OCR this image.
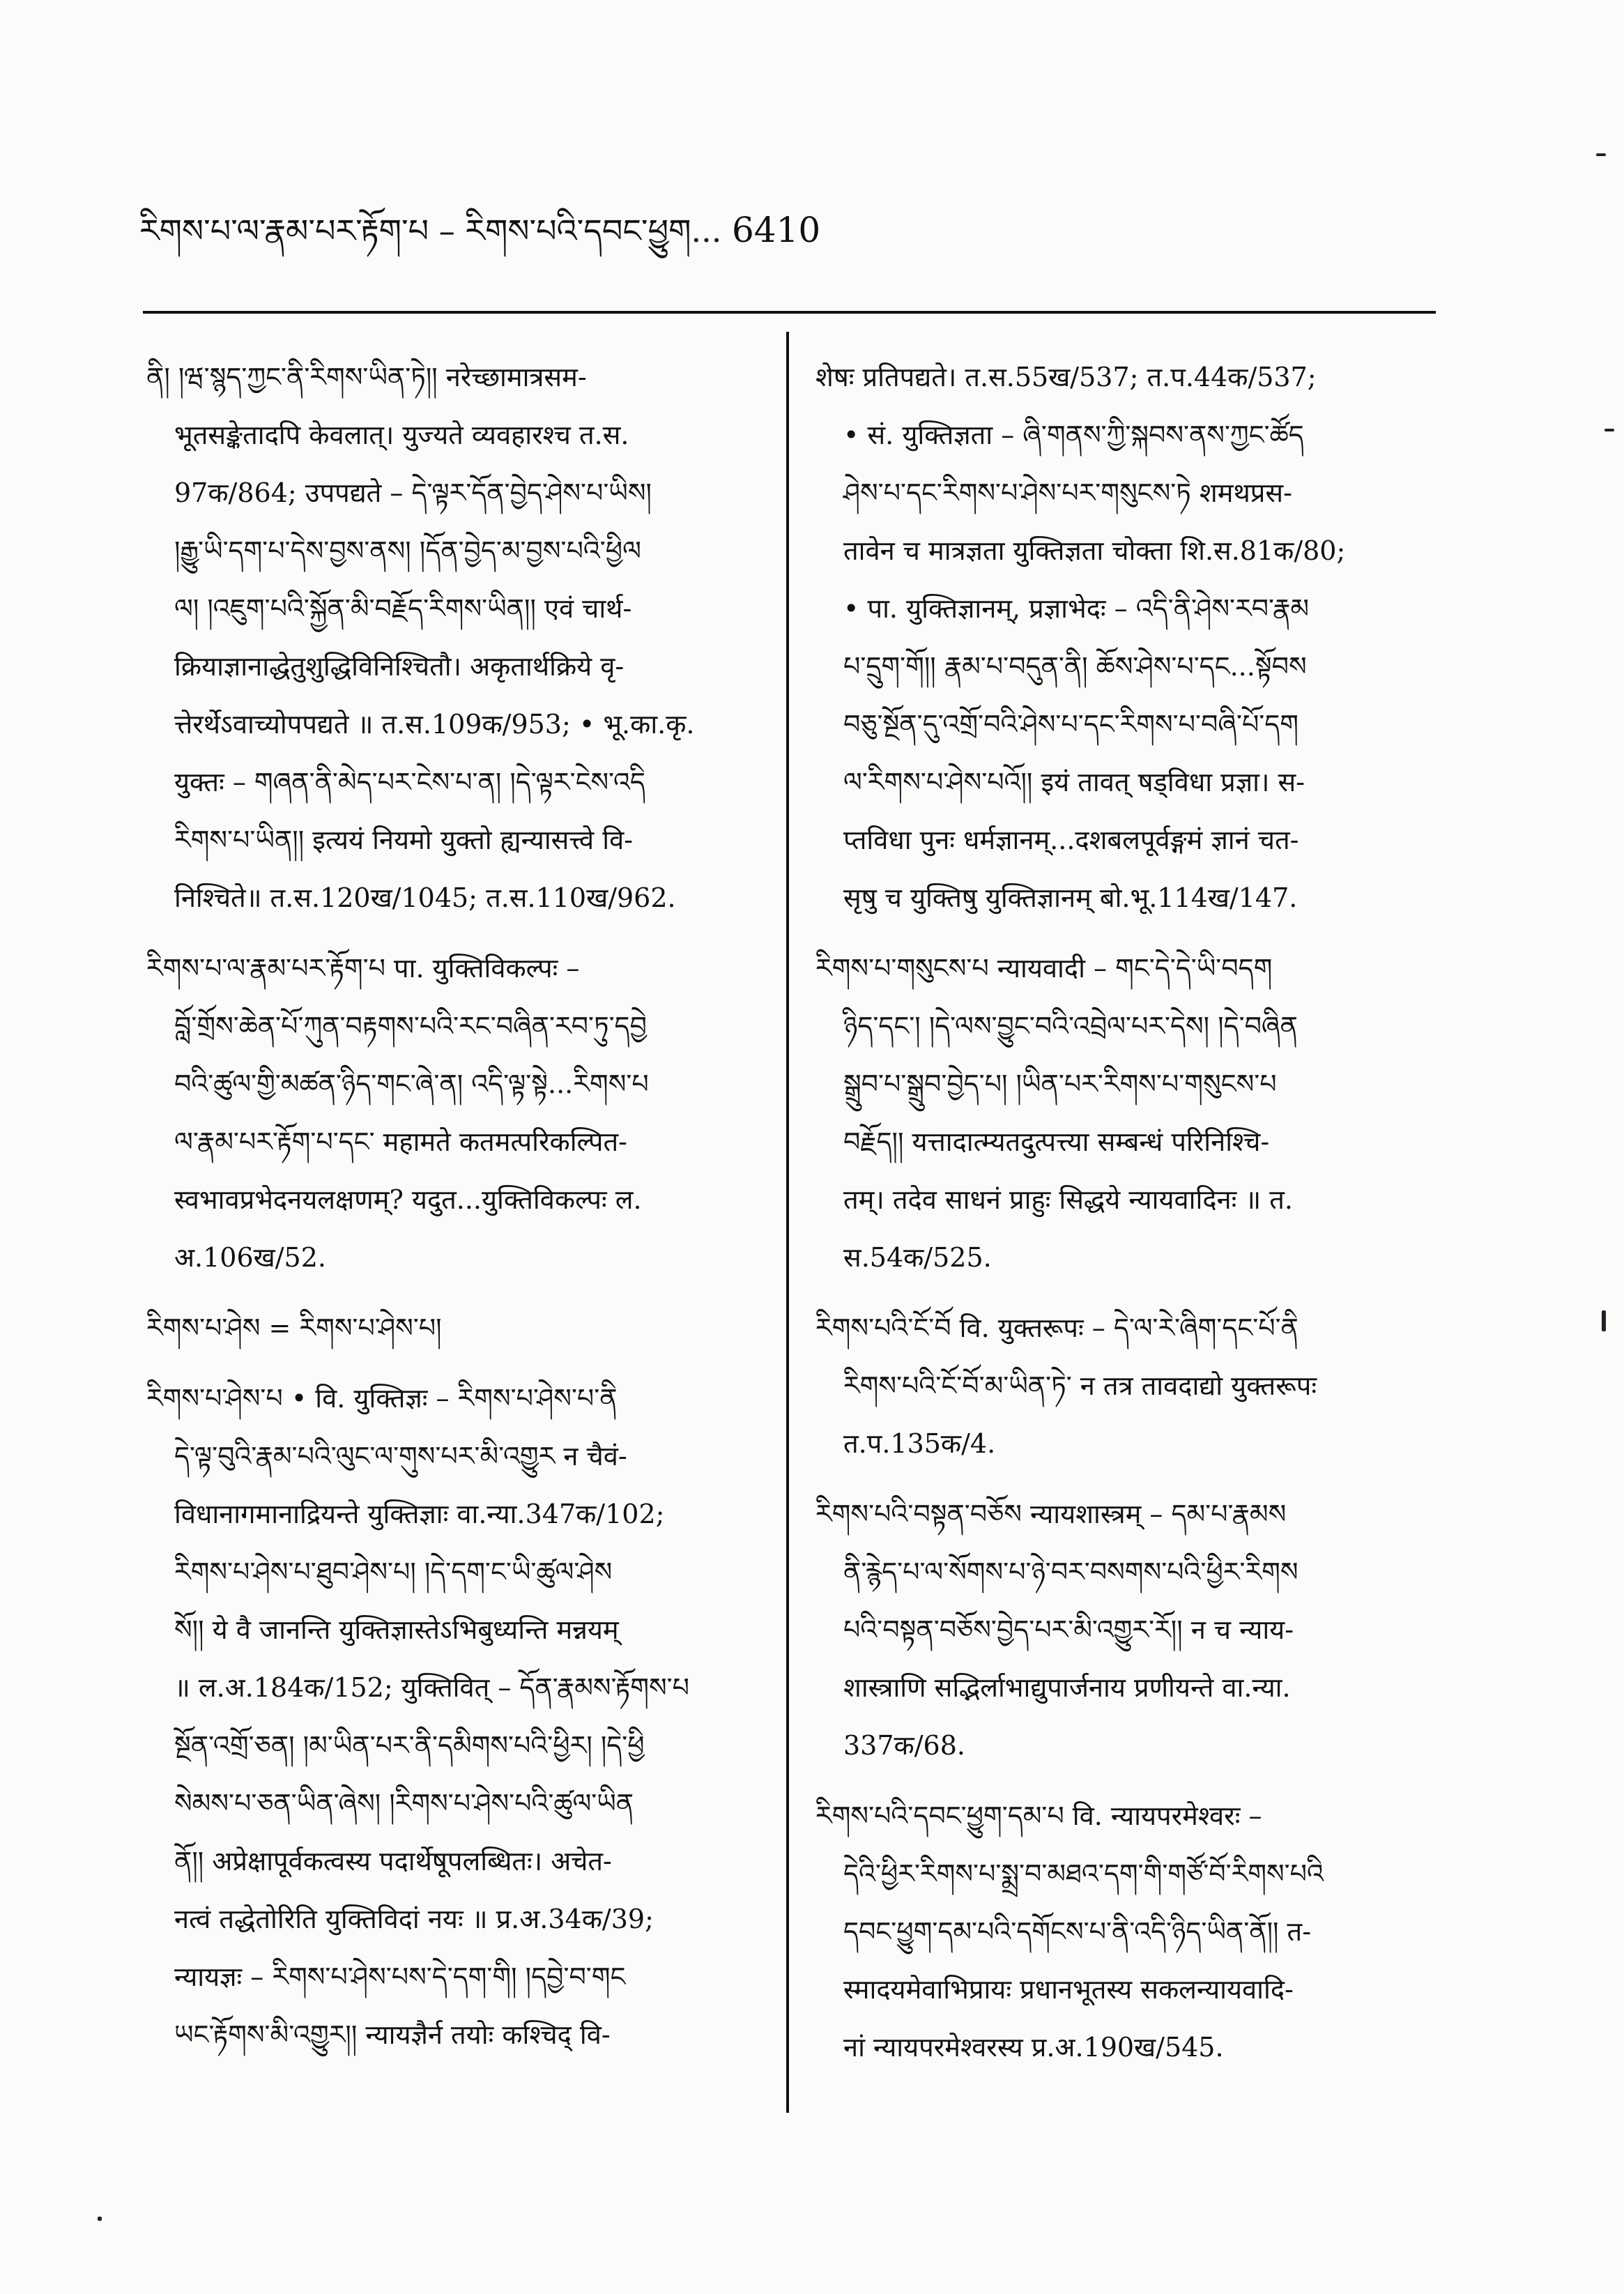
རིགས་པ་ལ་རྣམ་པར་རྟོག་པ – རིགས་པའི་དབང་ཕྱུག... 6410
ནི། །ཝ་སྙད་ཀྱང་ནི་རིགས་ཡིན་ཏེ།། नरेच्छामात्रसम-
भूतसङ्केतादपि केवलात्। युज्यते व्यवहारश्च त.स.
97क/864; उपपद्यते – དེ་ལྟར་དོན་བྱེད་ཤེས་པ་ཡིས།
།རྒྱུ་ཡི་དག་པ་དེས་བྱས་ནས། །དོན་བྱེད་མ་བྱས་པའི་ཕྱིལ
ལ། །འཇུག་པའི་སྐྱོན་མི་བརྗོད་རིགས་ཡིན།། एवं चार्थ-
क्रियाज्ञानाद्धेतुशुद्धिविनिश्चितौ। अकृतार्थक्रिये वृ-
त्तेरर्थेऽवाच्योपपद्यते ॥ त.स.109क/953; • भू.का.कृ.
युक्तः – གཞན་ནི་མེད་པར་ངེས་པ་ན། །དེ་ལྟར་ངེས་འདི
རིགས་པ་ཡིན།། इत्ययं नियमो युक्तो ह्यन्यासत्त्वे वि-
निश्चिते॥ त.स.120ख/1045; त.स.110ख/962.
རིགས་པ་ལ་རྣམ་པར་རྟོག་པ पा. युक्तिविकल्पः –
བློ་གྲོས་ཆེན་པོ་ཀུན་བརྟགས་པའི་རང་བཞིན་རབ་ཏུ་དབྱེ
བའི་ཚུལ་གྱི་མཚན་ཉིད་གང་ཞེ་ན། འདི་ལྟ་སྟེ...རིགས་པ
ལ་རྣམ་པར་རྟོག་པ་དང་ महामते कतमत्परिकल्पित-
स्वभावप्रभेदनयलक्षणम्? यदुत...युक्तिविकल्पः ल.
अ.106ख/52.
རིགས་པ་ཤེས = རིགས་པ་ཤེས་པ།
རིགས་པ་ཤེས་པ • वि. युक्तिज्ञः – རིགས་པ་ཤེས་པ་ནི
དེ་ལྟ་བུའི་རྣམ་པའི་ལུང་ལ་གུས་པར་མི་འགྱུར न चैवं-
विधानागमानाद्रियन्ते युक्तिज्ञाः वा.न्या.347क/102;
རིགས་པ་ཤེས་པ་ཐུབ་ཤེས་པ། །དེ་དག་ང་ཡི་ཚུལ་ཤེས
སོ།། ये वै जानन्ति युक्तिज्ञास्तेऽभिबुध्यन्ति मन्नयम्
॥ ल.अ.184क/152; युक्तिवित् – དོན་རྣམས་རྟོགས་པ
སྔོན་འགྲོ་ཅན། །མ་ཡིན་པར་ནི་དམིགས་པའི་ཕྱིར། །དེ་ཕྱི
སེམས་པ་ཅན་ཡིན་ཞེས། །རིགས་པ་ཤེས་པའི་ཚུལ་ཡིན
ནོ།། अप्रेक्षापूर्वकत्वस्य पदार्थेषूपलब्धितः। अचेत-
नत्वं तद्धेतोरिति युक्तिविदां नयः ॥ प्र.अ.34क/39;
न्यायज्ञः – རིགས་པ་ཤེས་པས་དེ་དག་གི། །དབྱེ་བ་གང
ཡང་རྟོགས་མི་འགྱུར།། न्यायज्ञैर्न तयोः कश्चिद् वि-
शेषः प्रतिपद्यते। त.स.55ख/537; त.प.44क/537;
• सं. युक्तिज्ञता – ཞི་གནས་ཀྱི་སྐབས་ནས་ཀྱང་ཚོད
ཤེས་པ་དང་རིགས་པ་ཤེས་པར་གསུངས་ཏེ शमथप्रस-
तावेन च मात्रज्ञता युक्तिज्ञता चोक्ता शि.स.81क/80;
• पा. युक्तिज्ञानम्, प्रज्ञाभेदः – འདི་ནི་ཤེས་རབ་རྣམ
པ་དྲུག་གོ།། རྣམ་པ་བདུན་ནི། ཆོས་ཤེས་པ་དང...སྟོབས
བཅུ་སྔོན་དུ་འགྲོ་བའི་ཤེས་པ་དང་རིགས་པ་བཞི་པོ་དག
ལ་རིགས་པ་ཤེས་པའོ།། इयं तावत् षड्विधा प्रज्ञा। स-
प्तविधा पुनः धर्मज्ञानम्...दशबलपूर्वङ्गमं ज्ञानं चत-
सृषु च युक्तिषु युक्तिज्ञानम् बो.भू.114ख/147.
རིགས་པ་གསུངས་པ न्यायवादी – གང་དེ་དེ་ཡི་བདག
ཉིད་དང་། །དེ་ལས་བྱུང་བའི་འབྲེལ་པར་དེས། །དེ་བཞིན
སྒྲུབ་པ་སྒྲུབ་བྱེད་པ། །ཡིན་པར་རིགས་པ་གསུངས་པ
བརྗོད།། यत्तादात्म्यतदुत्पत्त्या सम्बन्धं परिनिश्चि-
तम्। तदेव साधनं प्राहुः सिद्धये न्यायवादिनः ॥ त.
स.54क/525.
རིགས་པའི་ངོ་བོ वि. युक्तरूपः – དེ་ལ་རེ་ཞིག་དང་པོ་ནི
རིགས་པའི་ངོ་བོ་མ་ཡིན་ཏེ་ न तत्र तावदाद्यो युक्तरूपः
त.प.135क/4.
རིགས་པའི་བསྟན་བཅོས न्यायशास्त्रम् – དམ་པ་རྣམས
ནི་རྙེད་པ་ལ་སོགས་པ་ཉེ་བར་བསགས་པའི་ཕྱིར་རིགས
པའི་བསྟན་བཅོས་བྱེད་པར་མི་འགྱུར་རོ།། न च न्याय-
शास्त्राणि सद्भिर्लाभाद्युपार्जनाय प्रणीयन्ते वा.न्या.
337क/68.
རིགས་པའི་དབང་ཕྱུག་དམ་པ वि. न्यायपरमेश्वरः –
དེའི་ཕྱིར་རིགས་པ་སྨྲ་བ་མཐའ་དག་གི་གཙོ་བོ་རིགས་པའི
དབང་ཕྱུག་དམ་པའི་དགོངས་པ་ནི་འདི་ཉིད་ཡིན་ནོ།། त-
स्मादयमेवाभिप्रायः प्रधानभूतस्य सकलन्यायवादि-
नां न्यायपरमेश्वरस्य प्र.अ.190ख/545.
